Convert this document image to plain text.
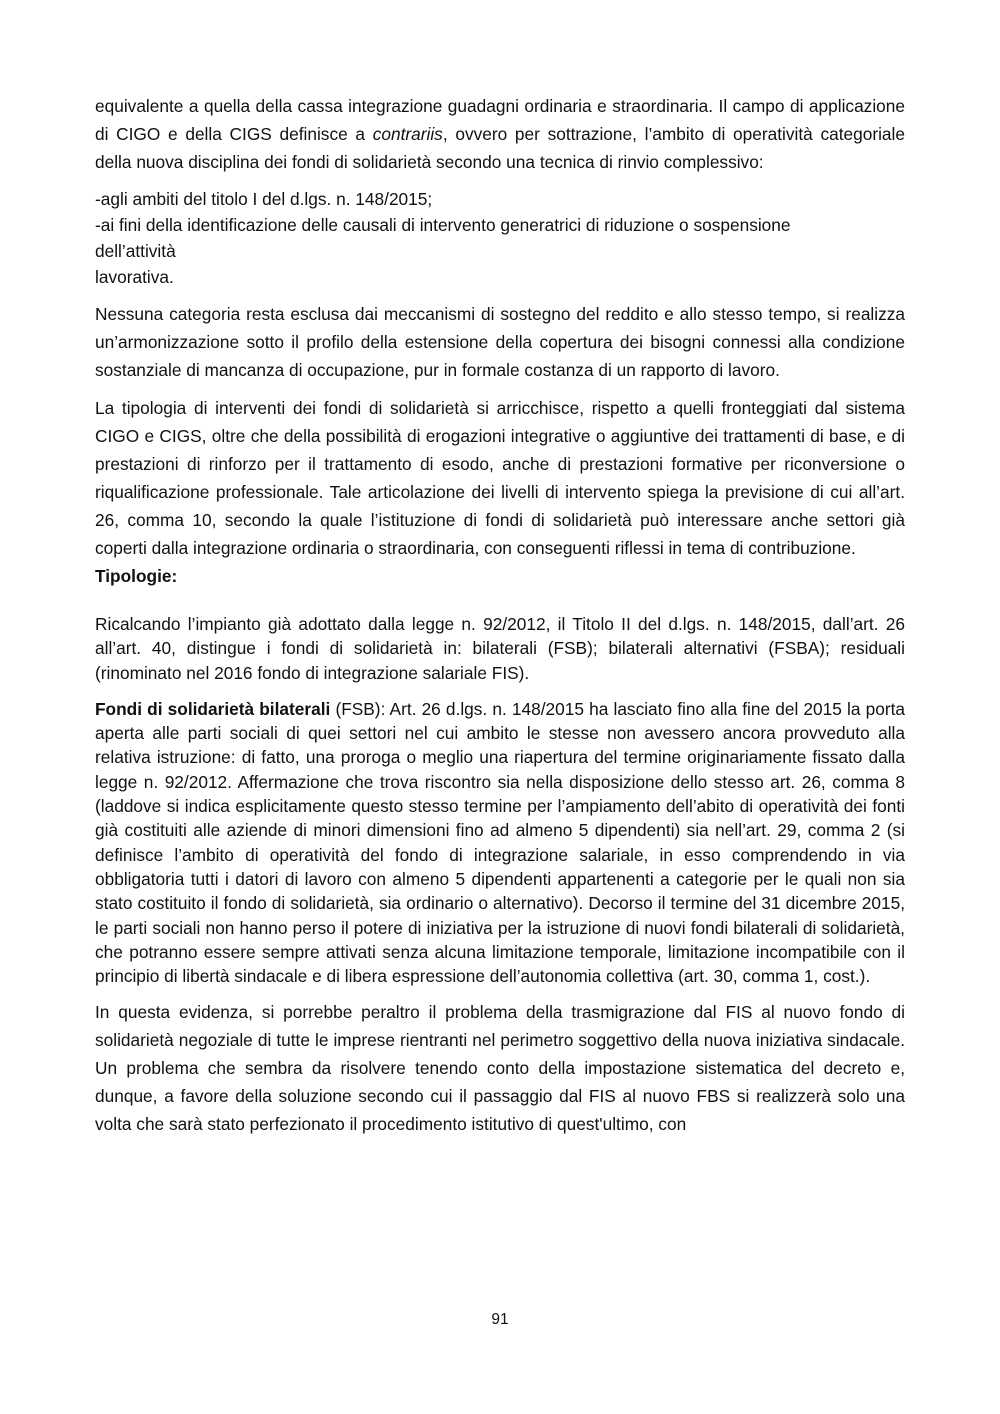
equivalente a quella della cassa integrazione guadagni ordinaria e straordinaria. Il campo di applicazione di CIGO e della CIGS definisce a contrariis, ovvero per sottrazione, l’ambito di operatività categoriale della nuova disciplina dei fondi di solidarietà secondo una tecnica di rinvio complessivo:

-agli ambiti del titolo I del d.lgs. n. 148/2015;
-ai fini della identificazione delle causali di intervento generatrici di riduzione o sospensione
dell’attività
lavorativa.

Nessuna categoria resta esclusa dai meccanismi di sostegno del reddito e allo stesso tempo, si realizza un’armonizzazione sotto il profilo della estensione della copertura dei bisogni connessi alla condizione sostanziale di mancanza di occupazione, pur in formale costanza di un rapporto di lavoro.

La tipologia di interventi dei fondi di solidarietà si arricchisce, rispetto a quelli fronteggiati dal sistema CIGO e CIGS, oltre che della possibilità di erogazioni integrative o aggiuntive dei trattamenti di base, e di prestazioni di rinforzo per il trattamento di esodo, anche di prestazioni formative per riconversione o riqualificazione professionale. Tale articolazione dei livelli di intervento spiega la previsione di cui all’art. 26, comma 10, secondo la quale l’istituzione di fondi di solidarietà può interessare anche settori già coperti dalla integrazione ordinaria o straordinaria, con conseguenti riflessi in tema di contribuzione.

Tipologie:

Ricalcando l’impianto già adottato dalla legge n. 92/2012, il Titolo II del d.lgs. n. 148/2015, dall’art. 26 all’art. 40, distingue i fondi di solidarietà in: bilaterali (FSB); bilaterali alternativi (FSBA); residuali (rinominato nel 2016 fondo di integrazione salariale FIS).

Fondi di solidarietà bilaterali (FSB): Art. 26 d.lgs. n. 148/2015 ha lasciato fino alla fine del 2015 la porta aperta alle parti sociali di quei settori nel cui ambito le stesse non avessero ancora provveduto alla relativa istruzione: di fatto, una proroga o meglio una riapertura del termine originariamente fissato dalla legge n. 92/2012. Affermazione che trova riscontro sia nella disposizione dello stesso art. 26, comma 8 (laddove si indica esplicitamente questo stesso termine per l’ampiamento dell’abito di operatività dei fonti già costituiti alle aziende di minori dimensioni fino ad almeno 5 dipendenti) sia nell’art. 29, comma 2 (si definisce l’ambito di operatività del fondo di integrazione salariale, in esso comprendendo in via obbligatoria tutti i datori di lavoro con almeno 5 dipendenti appartenenti a categorie per le quali non sia stato costituito il fondo di solidarietà, sia ordinario o alternativo). Decorso il termine del 31 dicembre 2015, le parti sociali non hanno perso il potere di iniziativa per la istruzione di nuovi fondi bilaterali di solidarietà, che potranno essere sempre attivati senza alcuna limitazione temporale, limitazione incompatibile con il principio di libertà sindacale e di libera espressione dell’autonomia collettiva (art. 30, comma 1, cost.).

In questa evidenza, si porrebbe peraltro il problema della trasmigrazione dal FIS al nuovo fondo di solidarietà negoziale di tutte le imprese rientranti nel perimetro soggettivo della nuova iniziativa sindacale. Un problema che sembra da risolvere tenendo conto della impostazione sistematica del decreto e, dunque, a favore della soluzione secondo cui il passaggio dal FIS al nuovo FBS si realizzerà solo una volta che sarà stato perfezionato il procedimento istitutivo di quest'ultimo, con

91
